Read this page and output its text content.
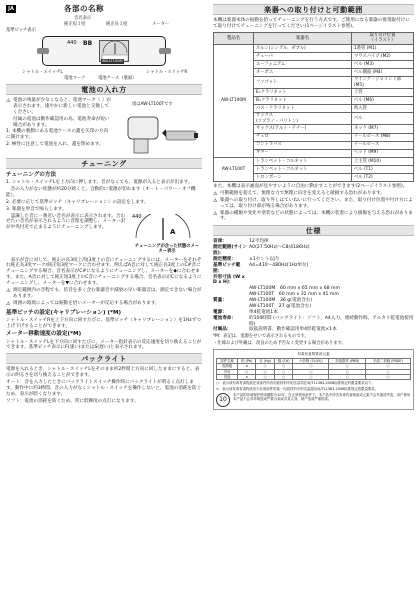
JA	各部の名称
音名表示
純正短３度	純正長３度	メーター
基準ピッチ表示
BB
440
AW-LT100M
シャトル・スイッチL	シャトル・スイッチR
電池マーク	電池ケース（裏面）
電池の入れ方
⚠ 電池の残量が少なくなると、電池マーク（ ）が表示されます。速やかに新しい電池と交換してください。

付属の電池は動作確認用の為、電池寿命が短い場合があります。

1. 本機の裏側にある電池ケースの蓋を矢印の方向に開けます。

2. 極性に注意して電池を入れ、蓋を閉めます。

図はAW-LT100Tです
チューニング
チューニングの方法

1. シャトル・スイッチLを上方向に押します。音がなくても、電源が入ると表示が出ます。

　音の入力がない状態が約20分続くと、自動的に電源が切れます（オート・パワー・オフ機能）。

2. 必要に応じて基準ピッチ（キャリブレーション）の設定をします。

3. 楽器を単音で鳴らします。

　認識した音に一番近い音名が表示に表示されます。合わせたい音名が表示されるように音程を調整し、メーター針が中央付近で止まるようにチューニングします。

440
A
チューニングが合った状態のメーター表示

　表示が音に対して、純正の長3度上/短3度上の音にチューニングするには、メーターをそれぞれ純正長3度マーク/純正短3度マークに合わせます。例えばA音に対して純正長3度上のC#音にチューニングする場合、音名表示がC#になるようにチューニングし、メーターを◆に合わせます。また、A音に対して純正短3度上のC音にチューニングする場合、音名表示がCになるようにチューニングし、メーターを▼に合わせます。

⚠ 測定範囲内の音程でも、倍音を多く含む楽器音や減衰の早い楽器音は、測定できない場合があります。

⚠ 周囲の環境によっては振動を拾いメーターが反応する場合があります。

基準ピッチの設定(キャリブレーション) (*M)

シャトル・スイッチRを上下方向に回すたびに、基準ピッチ（キャリブレーション）を1Hzずつ上げ下げすることができます。

メーター移動速度の設定(*M)

シャトル・スイッチLを下方向に回すたびに、メーター指針表示の反応速度を切り換えることができます。基準ピッチ表示にF(速い)またはS(遅い)と表示されます。

バックライト

電源を入れるとき、シャトル・スイッチLをそのまま約2秒間上方向に回したままにすると、表示の明るさを切り換えることができます。

オート：音を入力したときにバックライトスイッチ操作時にバックライトが明るく点灯します。動作中に約3秒間、音の入力がなくシャトル・スイッチを操作しないと、電池の消耗を防ぐため、表示が暗くなります。

ソフト：電池の消耗を防ぐため、常に低輝度の点灯になります。

楽器への取り付けと可動範囲

本機は楽器本体の振動を拾ってチューニングを行う方式です。ご使用になる楽器の推奨取付けにて取り付けてチューニングを行ってください(1ページイラスト参照)。

製品名	楽器名	取り付け位置
（イラスト）
AW-LT100M	ホルン(シングル、ダブル)	1番管 (M1)
	チューバ	マウスパイプ (M2)
	ユーフォニアム	ベル (M3)
	オーボエ	ベル側面 (M4)
	ファゴット	ウイング・ジョイント部 (M5)
	E♭クラリネット	上管
	B♭クラリネット	ベル (M6)
	バス・クラリネット	吹入管
	サックス
(ソプラノ・バリトン)	ベル
	サックス(アルト・テナー)	ネック (M7)
	チェロ	テールピース (M8)
	コントラバス	テールピース
	ギター	ヘッド (M9)
AW-LT100T	トランペット・コルネット	上主管 (M10)
	トランペット・コルネット	ベル (T1)
	トロンボーン	ベル (T2)

また、本機は表示画面が見やすいように自由に動かすことができます(2ページイラスト参照)。

⚠ 可動範囲を超えて、無理な力で無理に向きを変えると破損する恐れがあります。

⚠ 楽器への取り付け、取り外しはていねいに行ってください。また、取り付け位置や付け方によっては、取り付け部が残る場合があります。

⚠ 楽器の種類や変化や塗装などの状態によっては、本機の装着により損傷を与える恐れがあります。

仕様
音律：	12平均律
測定範囲(サイン波)：
A0(27.50Hz)〜C8(4186Hz)
測定精度：	±1セント以内
基準ピッチ範囲：
A4=410〜480Hz(1Hz単位)
外形寸法 (W x D x H)：
AW-LT100M　60 mm x 65 mm x 68 mm
AW-LT100T　60 mm x 32 mm x 41 mm
質量：	AW-LT100M　36 g(電池含む)
AW-LT100T　27 g(電池含む)
電源：	単4乾電池1本
電池寿命：	約100時間 (バックライト：ソフト、A4入力、連続動作時、アルカリ乾電池使用時)
付属品：	取扱説明書、動作確認用単4形乾電池×1本

*M：表記は、電源をせいで表示されるものです。

・仕様および外観は、改良のため予告なく変更する場合があります。

有毒有害物質或元素
部件名称	铅 (Pb)	汞 (Hg)	镉 (Cd)	六价铬 (Cr(VI))	多溴联苯 (PBB)	多溴二苯醚 (PBDE)
电路板	×	○	○	○	○	○
外壳	○	○	○	○	○	○
其他	×	○	○	○	○	○

○：表示该有毒有害物质在该部件所有均质材料中的含量均在SJ/T11363-2006标准规定的限量要求以下。

×：表示该有毒有害物质至少在该部件的某一均质材料中的含量超出SJ/T11363-2006标准规定的限量要求。

10

本产品的环境保护使用期限为10年，在正常使用条件下，本产品中所含有毒有害物质或元素不会外泄或突变，用户使用本产品不会对环境造成严重污染或对其人身、财产造成严重损害。
